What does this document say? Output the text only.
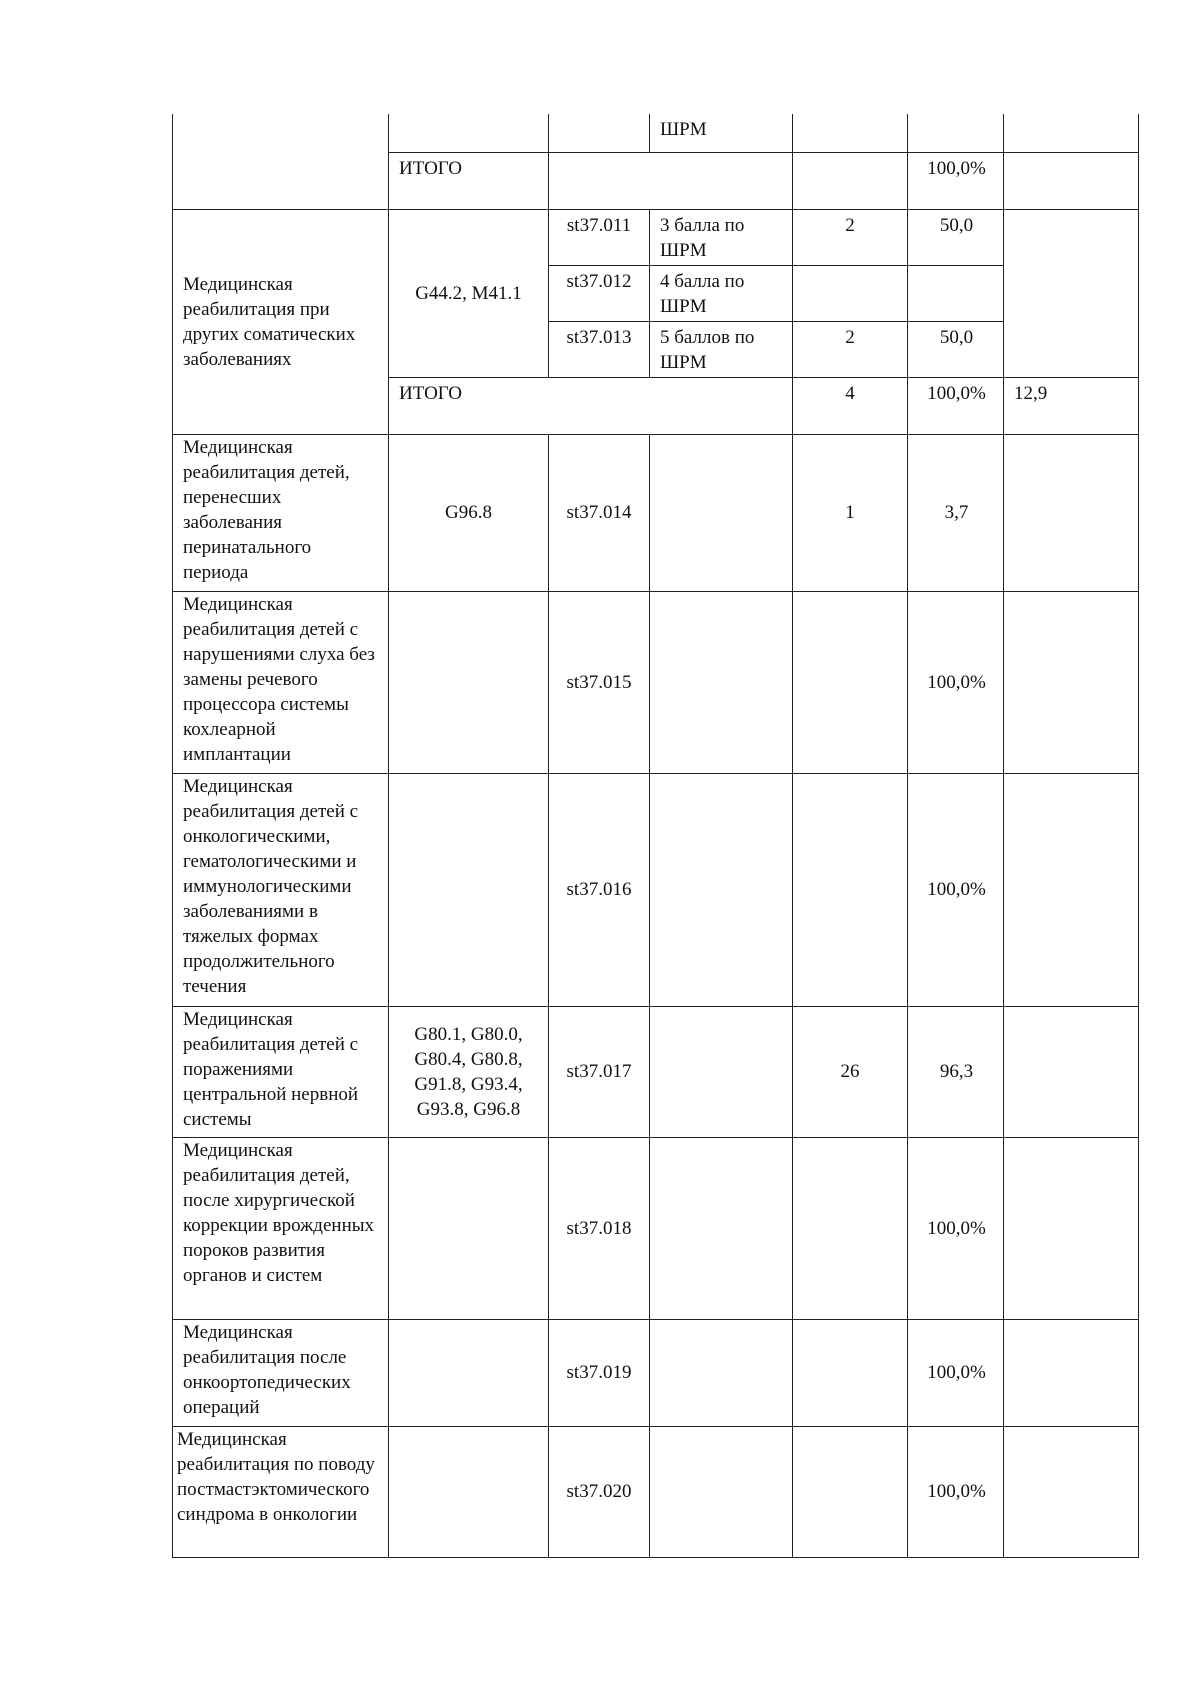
			ШРМ			
	ИТОГО				100,0%	
Медицинская реабилитация при других соматических заболеваниях	G44.2, M41.1	st37.011	3 балла по ШРМ	2	50,0	
		st37.012	4 балла по ШРМ			
		st37.013	5 баллов по ШРМ	2	50,0	
	ИТОГО			4	100,0%	12,9
Медицинская реабилитация детей, перенесших заболевания перинатального периода	G96.8	st37.014		1	3,7	
Медицинская реабилитация детей с нарушениями слуха без замены речевого процессора системы кохлеарной имплантации		st37.015			100,0%	
Медицинская реабилитация детей с онкологическими, гематологическими и иммунологическими заболеваниями в тяжелых формах продолжительного течения		st37.016			100,0%	
Медицинская реабилитация детей с поражениями центральной нервной системы	G80.1, G80.0, G80.4, G80.8, G91.8, G93.4, G93.8, G96.8	st37.017		26	96,3	
Медицинская реабилитация детей, после хирургической коррекции врожденных пороков развития органов и систем		st37.018			100,0%	
Медицинская реабилитация после онкоортопедических операций		st37.019			100,0%	
Медицинская реабилитация по поводу постмастэктомического синдрома в онкологии		st37.020			100,0%	
